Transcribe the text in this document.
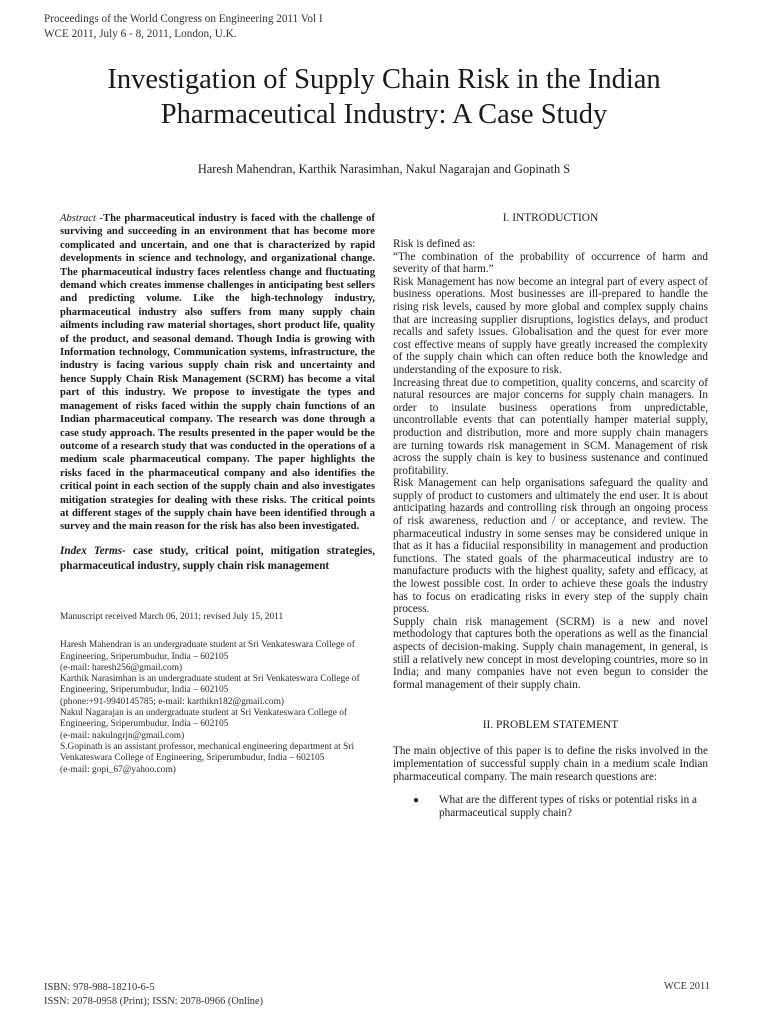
Proceedings of the World Congress on Engineering 2011 Vol I
WCE 2011, July 6 - 8, 2011, London, U.K.
Investigation of Supply Chain Risk in the Indian
Pharmaceutical Industry: A Case Study
Haresh Mahendran, Karthik Narasimhan, Nakul Nagarajan and Gopinath S

Abstract -The pharmaceutical industry is faced with the challenge of surviving and succeeding in an environment that has become more complicated and uncertain, and one that is characterized by rapid developments in science and technology, and organizational change. The pharmaceutical industry faces relentless change and fluctuating demand which creates immense challenges in anticipating best sellers and predicting volume. Like the high-technology industry, pharmaceutical industry also suffers from many supply chain ailments including raw material shortages, short product life, quality of the product, and seasonal demand. Though India is growing with Information technology, Communication systems, infrastructure, the industry is facing various supply chain risk and uncertainty and hence Supply Chain Risk Management (SCRM) has become a vital part of this industry. We propose to investigate the types and management of risks faced within the supply chain functions of an Indian pharmaceutical company. The research was done through a case study approach. The results presented in the paper would be the outcome of a research study that was conducted in the operations of a medium scale pharmaceutical company. The paper highlights the risks faced in the pharmaceutical company and also identifies the critical point in each section of the supply chain and also investigates mitigation strategies for dealing with these risks. The critical points at different stages of the supply chain have been identified through a survey and the main reason for the risk has also been investigated.

Index Terms- case study, critical point, mitigation strategies, pharmaceutical industry, supply chain risk management
Manuscript received March 06, 2011; revised July 15, 2011
Haresh Mahendran is an undergraduate student at Sri Venkateswara College of Engineering, Sriperumbudur, India – 602105
(e-mail: haresh256@gmail.com)
Karthik Narasimhan is an undergraduate student at Sri Venkateswara College of Engineering, Sriperumbudur, India – 602105
(phone:+91-9940145785; e-mail: karthikn182@gmail.com)
Nakul Nagarajan is an undergraduate student at Sri Venkateswara College of Engineering, Sriperumbudur, India – 602105
(e-mail: nakulngrjn@gmail.com)
S.Gopinath is an assistant professor, mechanical engineering department at Sri Venkateswara College of Engineering, Sriperumbudur, India – 602105
(e-mail: gopi_67@yahoo.com)
I. INTRODUCTION

Risk is defined as:

“The combination of the probability of occurrence of harm and severity of that harm.”

Risk Management has now become an integral part of every aspect of business operations. Most businesses are ill-prepared to handle the rising risk levels, caused by more global and complex supply chains that are increasing supplier disruptions, logistics delays, and product recalls and safety issues. Globalisation and the quest for ever more cost effective means of supply have greatly increased the complexity of the supply chain which can often reduce both the knowledge and understanding of the exposure to risk.

Increasing threat due to competition, quality concerns, and scarcity of natural resources are major concerns for supply chain managers. In order to insulate business operations from unpredictable, uncontrollable events that can potentially hamper material supply, production and distribution, more and more supply chain managers are turning towards risk management in SCM. Management of risk across the supply chain is key to business sustenance and continued profitability.

Risk Management can help organisations safeguard the quality and supply of product to customers and ultimately the end user. It is about anticipating hazards and controlling risk through an ongoing process of risk awareness, reduction and / or acceptance, and review. The pharmaceutical industry in some senses may be considered unique in that as it has a fiduciial responsibility in management and production functions. The stated goals of the pharmaceutical industry are to manufacture products with the highest quality, safety and efficacy, at the lowest possible cost. In order to achieve these goals the industry has to focus on eradicating risks in every step of the supply chain process.

Supply chain risk management (SCRM) is a new and novel methodology that captures both the operations as well as the financial aspects of decision-making. Supply chain management, in general, is still a relatively new concept in most developing countries, more so in India; and many companies have not even begun to consider the formal management of their supply chain.

II. PROBLEM STATEMENT

The main objective of this paper is to define the risks involved in the implementation of successful supply chain in a medium scale Indian pharmaceutical company. The main research questions are:

●	What are the different types of risks or potential risks in a pharmaceutical supply chain?
ISBN: 978-988-18210-6-5
ISSN: 2078-0958 (Print); ISSN: 2078-0966 (Online)
WCE 2011
